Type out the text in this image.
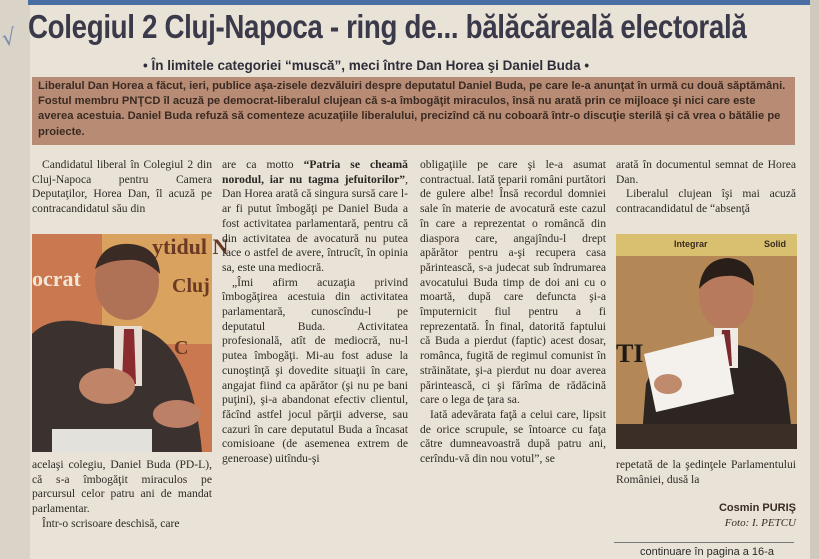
√ Colegiul 2 Cluj-Napoca - ring de... bălăcăreală electorală
• În limitele categoriei “muscă”, meci între Dan Horea şi Daniel Buda •
Liberalul Dan Horea a făcut, ieri, publice aşa-zisele dezvăluiri despre deputatul Daniel Buda, pe care le-a anunţat în urmă cu două săptămâni. Fostul membru PNŢCD îl acuză pe democrat-liberalul clujean că s-a îmbogăţit miraculos, însă nu arată prin ce mijloace şi nici care este averea acestuia. Daniel Buda refuză să comenteze acuzaţiile liberalului, precizînd că nu coboară într-o discuţie sterilă şi că vrea o bătălie pe proiecte.

Candidatul liberal în Colegiul 2 din Cluj-Napoca pentru Camera Deputaţilor, Horea Dan, îl acuză pe contracandidatul său din

ytidul N
ocrat	Cluj
C

acelaşi colegiu, Daniel Buda (PD-L), că s-a îmbogăţit miraculos pe parcursul celor patru ani de mandat parlamentar.

Într-o scrisoare deschisă, care

are ca motto “Patria se cheamă norodul, iar nu tagma jefuitorilor”, Dan Horea arată că singura sursă care l-ar fi putut îmbogăţi pe Daniel Buda a fost activitatea parlamentară, pentru că din activitatea de avocatură nu putea face o astfel de avere, întrucît, în opinia sa, este una mediocră.

„Îmi afirm acuzaţia privind îmbogăţirea acestuia din activitatea parlamentară, cunoscîndu-l pe deputatul Buda. Activitatea profesională, atît de mediocră, nu-l putea îmbogăţi. Mi-au fost aduse la cunoştinţă şi dovedite situaţii în care, angajat fiind ca apărător (şi nu pe bani puţini), şi-a abandonat efectiv clientul, făcînd astfel jocul părţii adverse, sau cazuri în care deputatul Buda a încasat comisioane (de asemenea extrem de generoase) uitîndu-şi

obligaţiile pe care şi le-a asumat contractual. Iată ţeparii români purtători de gulere albe! Însă recordul domniei sale în materie de avocatură este cazul în care a reprezentat o româncă din diaspora care, angajîndu-l drept apărător pentru a-şi recupera casa părintească, s-a judecat sub îndrumarea avocatului Buda timp de doi ani cu o moartă, după care defuncta şi-a împuternicit fiul pentru a fi reprezentată. În final, datorită faptului că Buda a pierdut (faptic) acest dosar, românca, fugită de regimul comunist în străinătate, şi-a pierdut nu doar averea părintească, ci şi fărîma de rădăcină care o lega de ţara sa.

Iată adevărata faţă a celui care, lipsit de orice scrupule, se întoarce cu faţa către dumneavoastră după patru ani, cerîndu-vă din nou votul”, se

arată în documentul semnat de Horea Dan.

Liberalul clujean îşi mai acuză contracandidatul de “absenţă

Integrar	Solid
TI

repetată de la şedinţele Parlamentului României, dusă la

Cosmin PURIŞ
Foto: I. PETCU
continuare în pagina a 16-a
